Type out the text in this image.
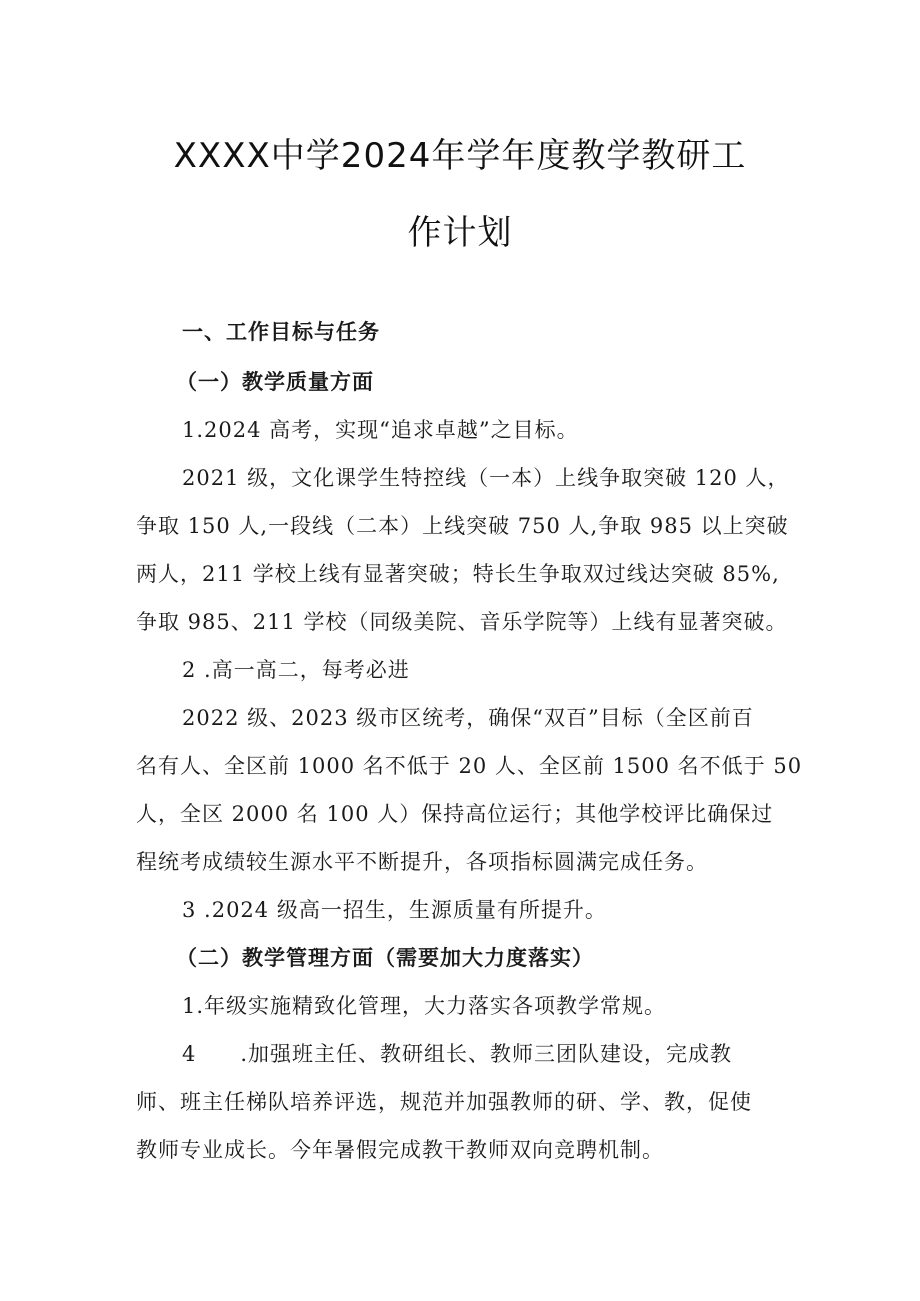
XXXX中学2024年学年度教学教研工
作计划
一、工作目标与任务
（一）教学质量方面
1.2024 高考，实现“追求卓越”之目标。
2021 级，文化课学生特控线（一本）上线争取突破 120 人，
争取 150 人,一段线（二本）上线突破 750 人,争取 985 以上突破
两人，211 学校上线有显著突破；特长生争取双过线达突破 85%,
争取 985、211 学校（同级美院、音乐学院等）上线有显著突破。
2 .高一高二，每考必进
2022 级、2023 级市区统考，确保“双百”目标（全区前百
名有人、全区前 1000 名不低于 20 人、全区前 1500 名不低于 50
人，全区 2000 名 100 人）保持高位运行；其他学校评比确保过
程统考成绩较生源水平不断提升，各项指标圆满完成任务。
3 .2024 级高一招生，生源质量有所提升。
（二）教学管理方面（需要加大力度落实）
1.年级实施精致化管理，大力落实各项教学常规。
4　　.加强班主任、教研组长、教师三团队建设，完成教
师、班主任梯队培养评选，规范并加强教师的研、学、教，促使
教师专业成长。今年暑假完成教干教师双向竞聘机制。
